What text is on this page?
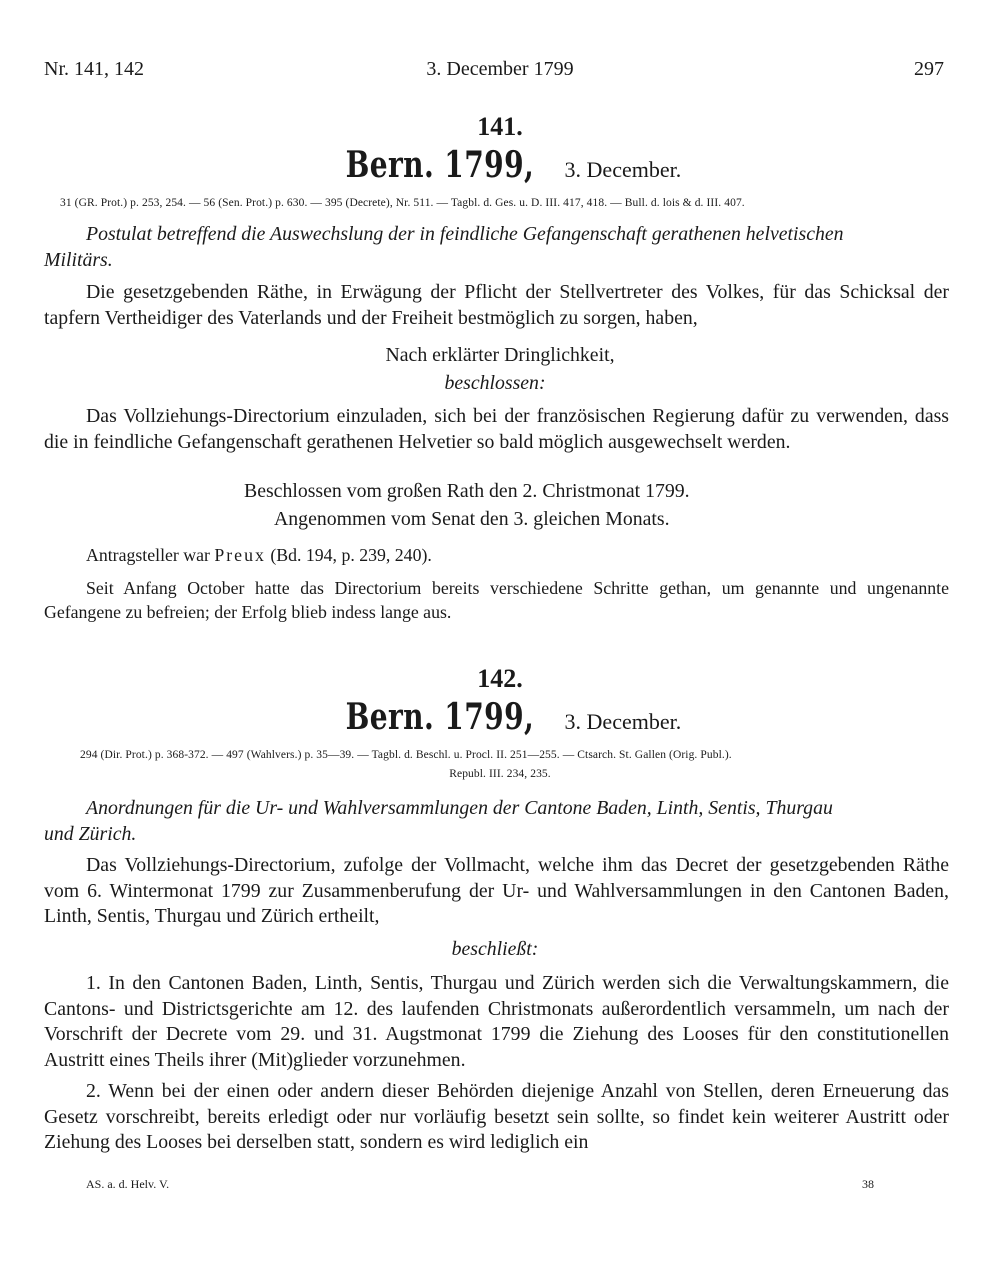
Nr. 141, 142	3. December 1799	297
141.
Bern. 1799, 3. December.
31 (GR. Prot.) p. 253, 254. — 56 (Sen. Prot.) p. 630. — 395 (Decrete), Nr. 511. — Tagbl. d. Ges. u. D. III. 417, 418. — Bull. d. lois & d. III. 407.
Postulat betreffend die Auswechslung der in feindliche Gefangenschaft gerathenen helvetischen
Militärs.

Die gesetzgebenden Räthe, in Erwägung der Pflicht der Stellvertreter des Volkes, für das Schicksal der tapfern Vertheidiger des Vaterlands und der Freiheit bestmöglich zu sorgen, haben,

Nach erklärter Dringlichkeit,
beschlossen:

Das Vollziehungs-Directorium einzuladen, sich bei der französischen Regierung dafür zu verwenden, dass die in feindliche Gefangenschaft gerathenen Helvetier so bald möglich ausgewechselt werden.

Beschlossen vom großen Rath den 2. Christmonat 1799.
Angenommen vom Senat den 3. gleichen Monats.
Antragsteller war Preux (Bd. 194, p. 239, 240).

Seit Anfang October hatte das Directorium bereits verschiedene Schritte gethan, um genannte und ungenannte Gefangene zu befreien; der Erfolg blieb indess lange aus.

142.
Bern. 1799, 3. December.
294 (Dir. Prot.) p. 368-372. — 497 (Wahlvers.) p. 35—39. — Tagbl. d. Beschl. u. Procl. II. 251—255. — Ctsarch. St. Gallen (Orig. Publ.).
Republ. III. 234, 235.
Anordnungen für die Ur- und Wahlversammlungen der Cantone Baden, Linth, Sentis, Thurgau
und Zürich.

Das Vollziehungs-Directorium, zufolge der Vollmacht, welche ihm das Decret der gesetzgebenden Räthe vom 6. Wintermonat 1799 zur Zusammenberufung der Ur- und Wahlversammlungen in den Cantonen Baden, Linth, Sentis, Thurgau und Zürich ertheilt,

beschließt:

1. In den Cantonen Baden, Linth, Sentis, Thurgau und Zürich werden sich die Verwaltungskammern, die Cantons- und Districtsgerichte am 12. des laufenden Christmonats außerordentlich versammeln, um nach der Vorschrift der Decrete vom 29. und 31. Augstmonat 1799 die Ziehung des Looses für den constitutionellen Austritt eines Theils ihrer (Mit)glieder vorzunehmen.

2. Wenn bei der einen oder andern dieser Behörden diejenige Anzahl von Stellen, deren Erneuerung das Gesetz vorschreibt, bereits erledigt oder nur vorläufig besetzt sein sollte, so findet kein weiterer Austritt oder Ziehung des Looses bei derselben statt, sondern es wird lediglich ein

AS. a. d. Helv. V.	38
